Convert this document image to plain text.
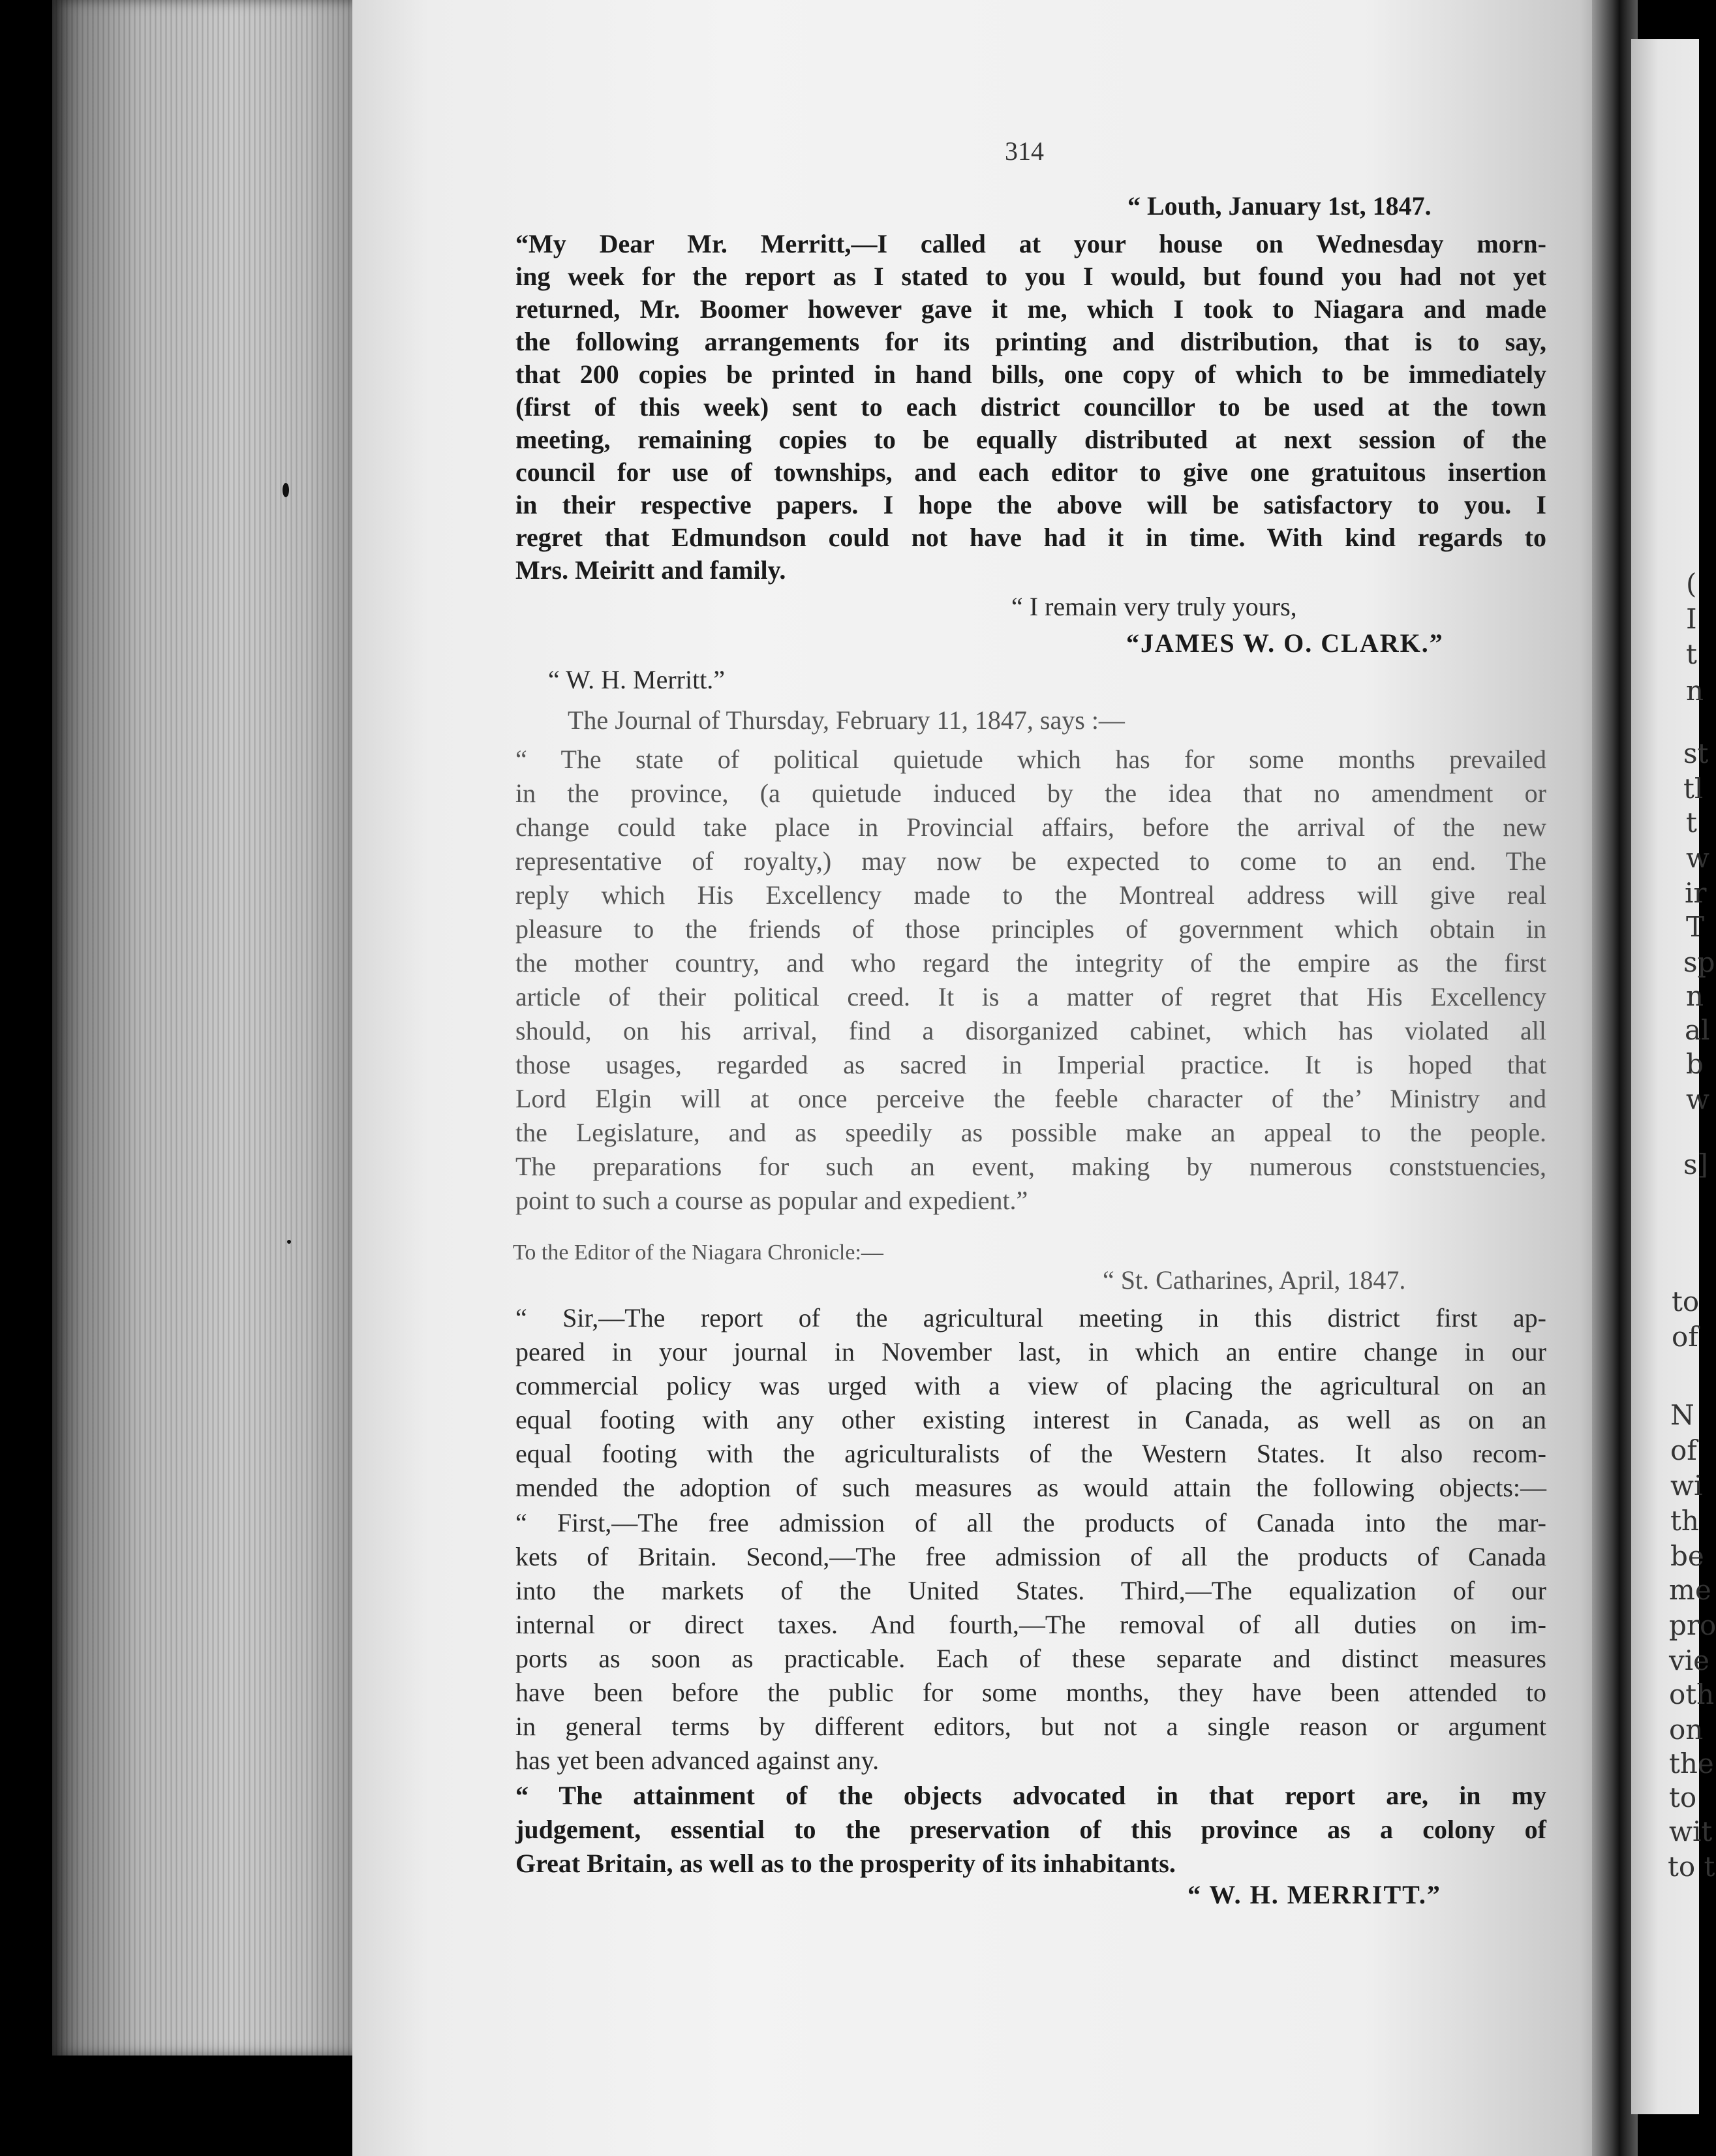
(
I
t
n
st
tl
t
w
ir
T
sp
n
al
b
w
s]
to
of
N
of
wi
th
be
me
pro
vie
oth
on
the
to
wit
to t
314
“ Louth, January 1st, 1847.
“My Dear Mr. Merritt,—I called at your house on Wednesday morn-
ing week for the report as I stated to you I would, but found you had not yet
returned, Mr. Boomer however gave it me, which I took to Niagara and made
the following arrangements for its printing and distribution, that is to say,
that 200 copies be printed in hand bills, one copy of which to be immediately
(first of this week) sent to each district councillor to be used at the town
meeting, remaining copies to be equally distributed at next session of the
council for use of townships, and each editor to give one gratuitous insertion
in their respective papers. I hope the above will be satisfactory to you. I
regret that Edmundson could not have had it in time. With kind regards to
Mrs. Mеiritt and family.
“ I remain very truly yours,
“JAMES W. O. CLARK.”
“ W. H. Merritt.”
The Journal of Thursday, February 11, 1847, says :—
“ The state of political quietude which has for some months prevailed
in the province, (a quietude induced by the idea that no amendment or
change could take place in Provincial affairs, before the arrival of the new
representative of royalty,) may now be expected to come to an end. The
reply which His Excellency made to the Montreal address will give real
pleasure to the friends of those principles of government which obtain in
the mother country, and who regard the integrity of the empire as the first
article of their political creed. It is a matter of regret that His Excellency
should, on his arrival, find a disorganized cabinet, which has violated all
those usages, regarded as sacred in Imperial practice. It is hoped that
Lord Elgin will at once perceive the feeble character of the’ Ministry and
the Legislature, and as speedily as possible make an appeal to the people.
The preparations for such an event, making by numerous conststuencies,
point to such a course as popular and expedient.”
To the Editor of the Niagara Chronicle:—
“ St. Catharines, April, 1847.
“ Sir,—The report of the agricultural meeting in this district first ap-
peared in your journal in November last, in which an entire change in our
commercial policy was urged with a view of placing the agricultural on an
equal footing with any other existing interest in Canada, as well as on an
equal footing with the agriculturalists of the Western States. It also recom-
mended the adoption of such measures as would attain the following objects:—
“ First,—The free admission of all the products of Canada into the mar-
kets of Britain. Second,—The free admission of all the products of Canada
into the markets of the United States. Third,—The equalization of our
internal or direct taxes. And fourth,—The removal of all duties on im-
ports as soon as practicable. Each of these separate and distinct measures
have been before the public for some months, they have been attended to
in general terms by different editors, but not a single reason or argument
has yet been advanced against any.
“ The attainment of the objects advocated in that report are, in my
judgement, essential to the preservation of this province as a colony of
Great Britain, as well as to the prosperity of its inhabitants.
“ W. H. MERRITT.”
